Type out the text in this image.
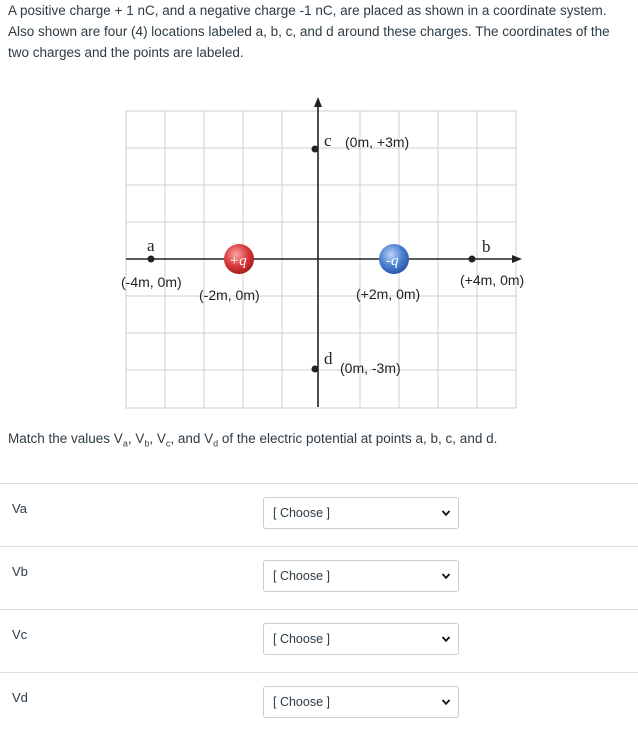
A positive charge + 1 nC, and a negative charge -1 nC, are placed as shown in a coordinate system. Also shown are four (4) locations labeled a, b, c, and d around these charges. The coordinates of the two charges and the points are labeled.
c (0m, +3m)
a
(-4m, 0m)
+q
(-2m, 0m)
-q
(+2m, 0m)
b
(+4m, 0m)
d (0m, -3m)
Match the values $V_a$, $V_b$, $V_c$, and $V_d$ of the electric potential at points a, b, c, and d.
Va	[ Choose ]
Vb	[ Choose ]
Vc	[ Choose ]
Vd	[ Choose ]
